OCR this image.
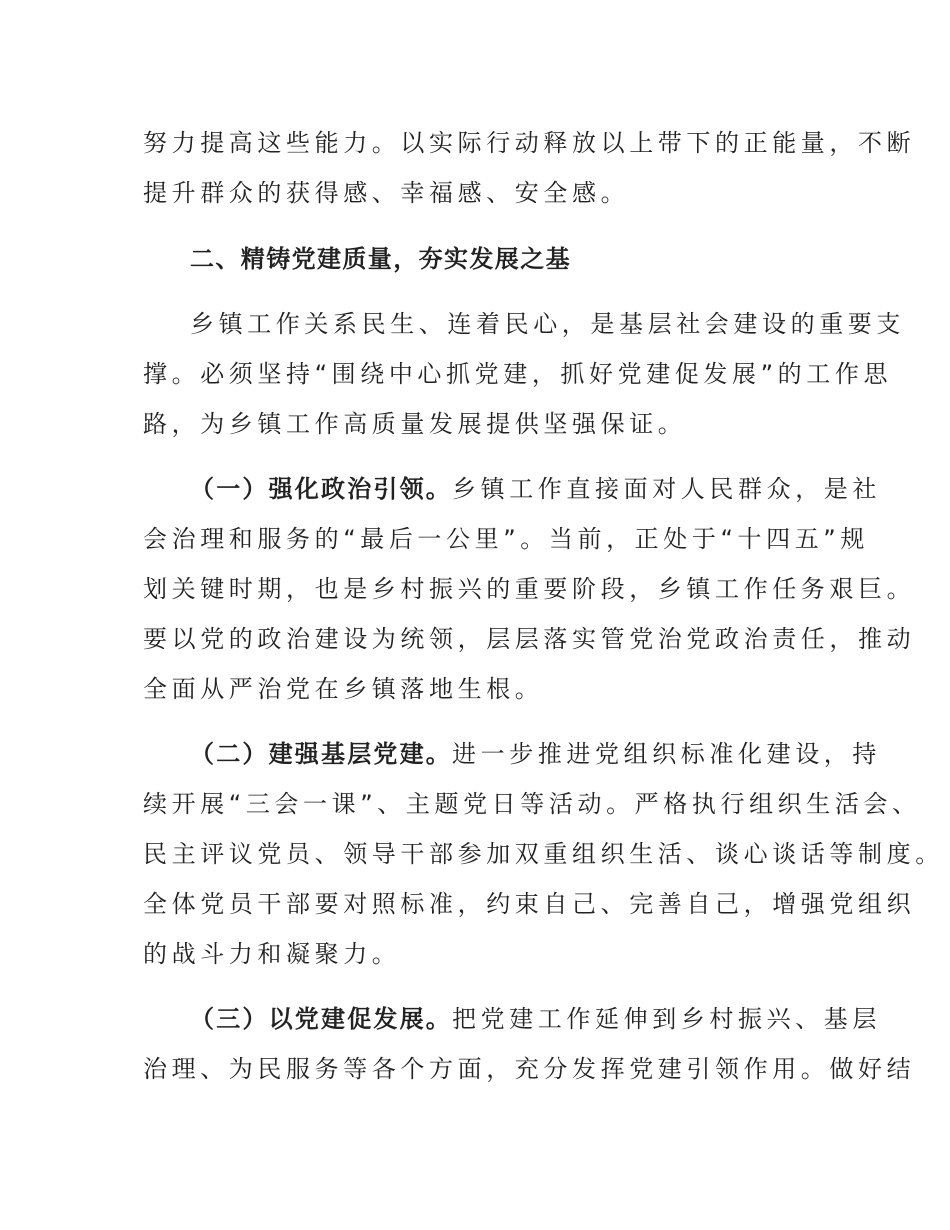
努力提高这些能力。以实际行动释放以上带下的正能量，不断
提升群众的获得感、幸福感、安全感。
二、精铸党建质量，夯实发展之基
乡镇工作关系民生、连着民心，是基层社会建设的重要支
撑。必须坚持“围绕中心抓党建，抓好党建促发展”的工作思
路，为乡镇工作高质量发展提供坚强保证。
（一）强化政治引领。乡镇工作直接面对人民群众，是社
会治理和服务的“最后一公里”。当前，正处于“十四五”规
划关键时期，也是乡村振兴的重要阶段，乡镇工作任务艰巨。
要以党的政治建设为统领，层层落实管党治党政治责任，推动
全面从严治党在乡镇落地生根。
（二）建强基层党建。进一步推进党组织标准化建设，持
续开展“三会一课”、主题党日等活动。严格执行组织生活会、
民主评议党员、领导干部参加双重组织生活、谈心谈话等制度。
全体党员干部要对照标准，约束自己、完善自己，增强党组织
的战斗力和凝聚力。
（三）以党建促发展。把党建工作延伸到乡村振兴、基层
治理、为民服务等各个方面，充分发挥党建引领作用。做好结
